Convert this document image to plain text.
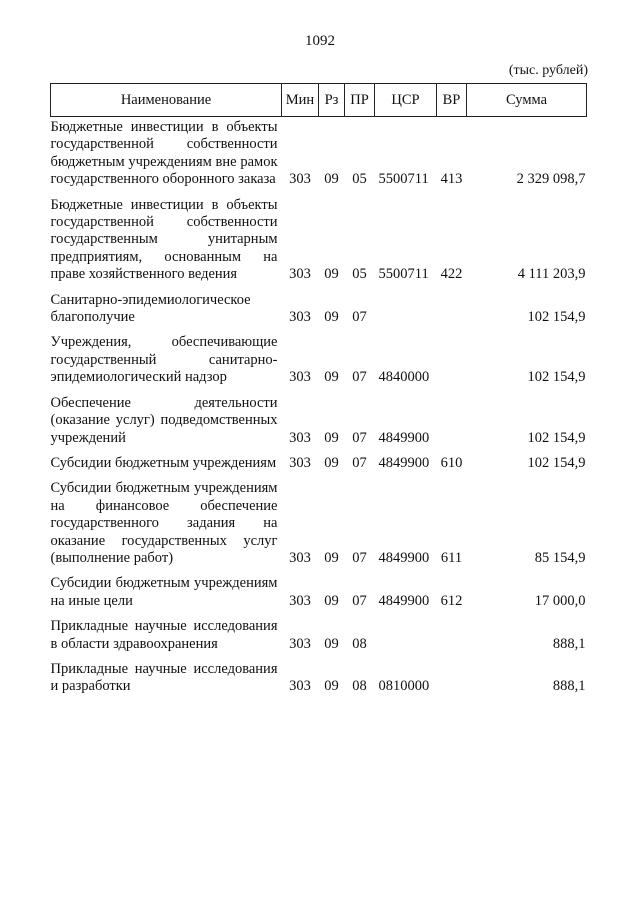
1092
(тыс. рублей)
Наименование	Мин	Рз	ПР	ЦСР	ВР	Сумма
Бюджетные инвестиции в объекты государственной собственности бюджетным учреждениям вне рамок государственного оборонного заказа	303	09	05	5500711	413	2 329 098,7
Бюджетные инвестиции в объекты государственной собственности государственным унитарным предприятиям, основанным на праве хозяйственного ведения	303	09	05	5500711	422	4 111 203,9
Санитарно-эпидемиологическое благополучие	303	09	07			102 154,9
Учреждения, обеспечивающие государственный санитарно-эпидемиологический надзор	303	09	07	4840000		102 154,9
Обеспечение деятельности (оказание услуг) подведомственных учреждений	303	09	07	4849900		102 154,9
Субсидии бюджетным учреждениям	303	09	07	4849900	610	102 154,9
Субсидии бюджетным учреждениям на финансовое обеспечение государственного задания на оказание государственных услуг (выполнение работ)	303	09	07	4849900	611	85 154,9
Субсидии бюджетным учреждениям на иные цели	303	09	07	4849900	612	17 000,0
Прикладные научные исследования в области здравоохранения	303	09	08			888,1
Прикладные научные исследования и разработки	303	09	08	0810000		888,1
